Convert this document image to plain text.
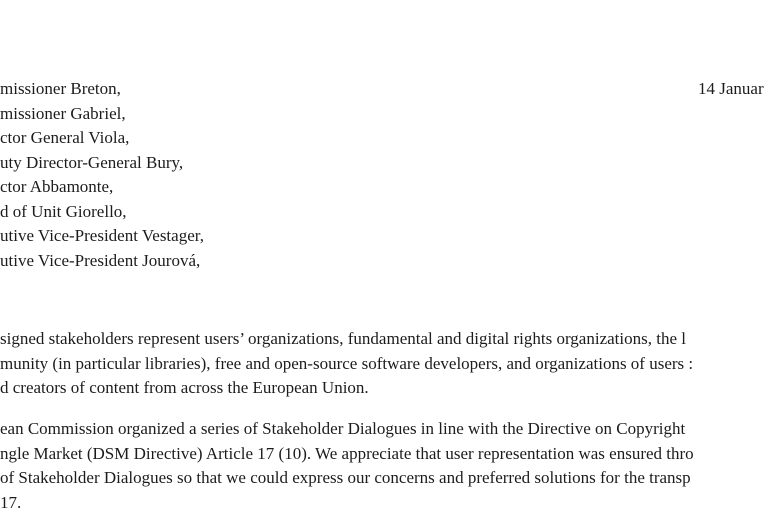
14 Januar
missioner Breton,
missioner Gabriel,
ctor General Viola,
uty Director-General Bury,
ctor Abbamonte,
d of Unit Giorello,
utive Vice-President Vestager,
utive Vice-President Jourová,

signed stakeholders represent users’ organizations, fundamental and digital rights organizations, the l
munity (in particular libraries), free and open-source software developers, and organizations of users :
d creators of content from across the European Union.

ean Commission organized a series of Stakeholder Dialogues in line with the Directive on Copyright
ngle Market (DSM Directive) Article 17 (10). We appreciate that user representation was ensured thro
of Stakeholder Dialogues so that we could express our concerns and preferred solutions for the transp
17.
